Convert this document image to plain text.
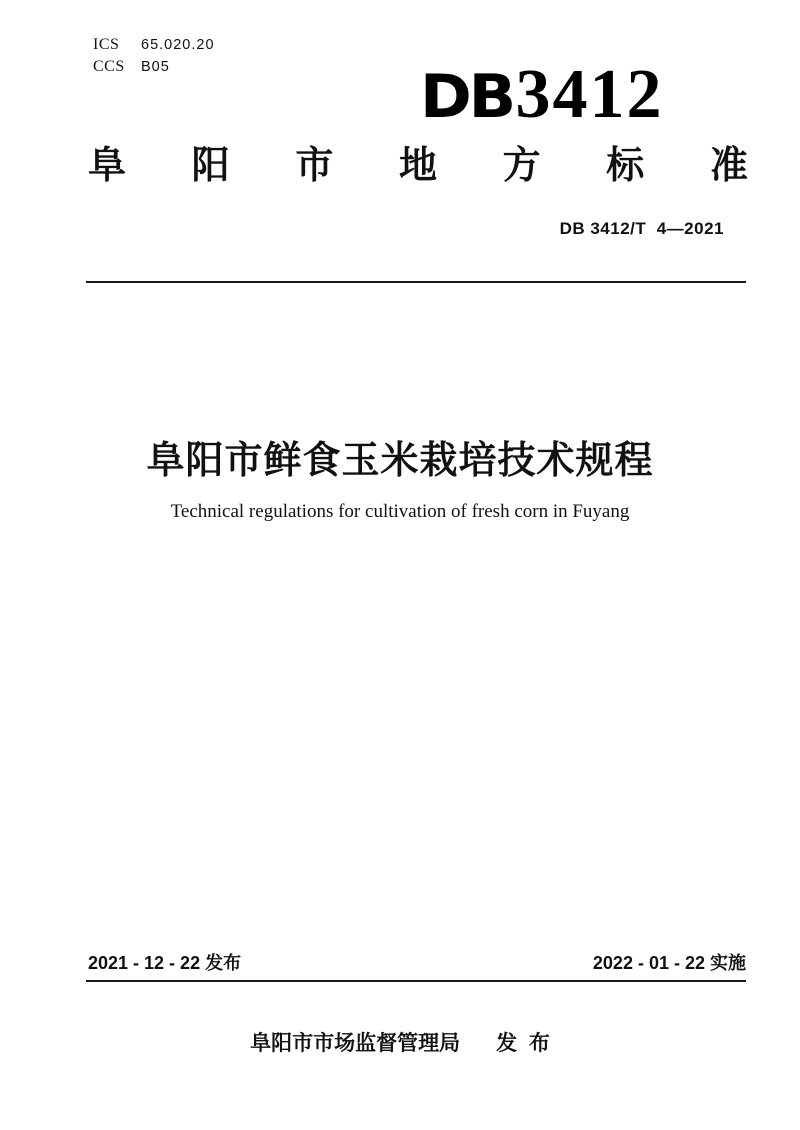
ICS	65.020.20
CCS B05	DB 3412
阜 阳 市 地 方 标 准
DB 3412/T  4—2021
阜阳市鲜食玉米栽培技术规程
Technical regulations for cultivation of fresh corn in Fuyang
2021 - 12 - 22 发布	2022 - 01 - 22 实施
阜阳市市场监督管理局 发  布
